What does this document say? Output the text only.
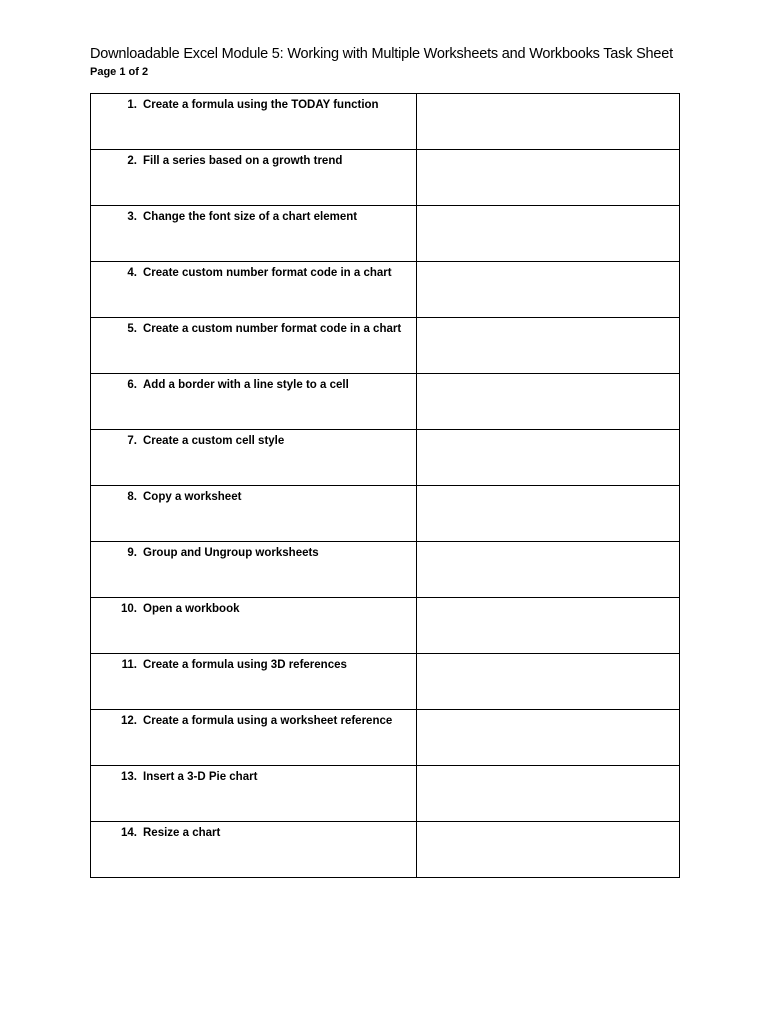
Downloadable Excel Module 5: Working with Multiple Worksheets and Workbooks Task Sheet
Page 1 of 2
1. Create a formula using the TODAY function	

2. Fill a series based on a growth trend	

3. Change the font size of a chart element	

4. Create custom number format code in a chart	

5. Create a custom number format code in a chart	

6. Add a border with a line style to a cell	

7. Create a custom cell style	

8. Copy a worksheet	

9. Group and Ungroup worksheets	

10. Open a workbook	

11. Create a formula using 3D references	

12. Create a formula using a worksheet reference	

13. Insert a 3-D Pie chart	

14. Resize a chart	
